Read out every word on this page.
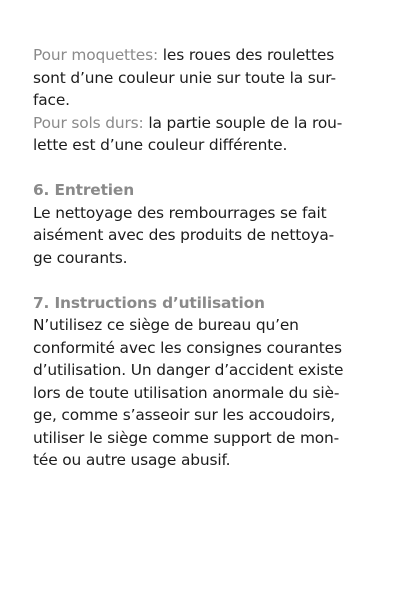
Pour moquettes: les roues des roulettes
sont d’une couleur unie sur toute la sur-
face.
Pour sols durs: la partie souple de la rou-
lette est d’une couleur différente.
6. Entretien
Le nettoyage des rembourrages se fait
aisément avec des produits de nettoya-
ge courants.
7. Instructions d’utilisation
N’utilisez ce siège de bureau qu’en
conformité avec les consignes courantes
d’utilisation. Un danger d’accident existe
lors de toute utilisation anormale du siè-
ge, comme s’asseoir sur les accoudoirs,
utiliser le siège comme support de mon-
tée ou autre usage abusif.
